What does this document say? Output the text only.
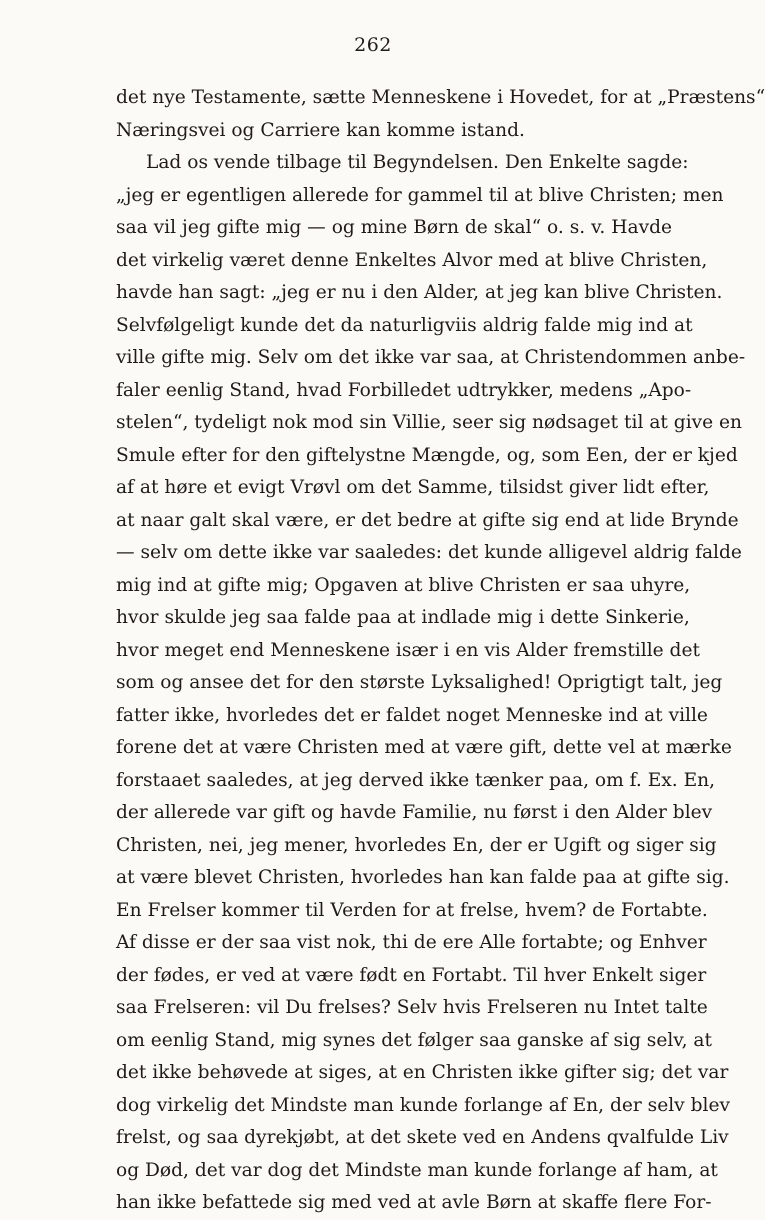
262
det nye Testamente, sætte Menneskene i Hovedet, for at „Præstens“
Næringsvei og Carriere kan komme istand.
Lad os vende tilbage til Begyndelsen. Den Enkelte sagde:
„jeg er egentligen allerede for gammel til at blive Christen; men
saa vil jeg gifte mig — og mine Børn de skal“ o. s. v. Havde
det virkelig været denne Enkeltes Alvor med at blive Christen,
havde han sagt: „jeg er nu i den Alder, at jeg kan blive Christen.
Selvfølgeligt kunde det da naturligviis aldrig falde mig ind at
ville gifte mig. Selv om det ikke var saa, at Christendommen anbe-
faler eenlig Stand, hvad Forbilledet udtrykker, medens „Apo-
stelen“, tydeligt nok mod sin Villie, seer sig nødsaget til at give en
Smule efter for den giftelystne Mængde, og, som Een, der er kjed
af at høre et evigt Vrøvl om det Samme, tilsidst giver lidt efter,
at naar galt skal være, er det bedre at gifte sig end at lide Brynde
— selv om dette ikke var saaledes: det kunde alligevel aldrig falde
mig ind at gifte mig; Opgaven at blive Christen er saa uhyre,
hvor skulde jeg saa falde paa at indlade mig i dette Sinkerie,
hvor meget end Menneskene især i en vis Alder fremstille det
som og ansee det for den største Lyksalighed! Oprigtigt talt, jeg
fatter ikke, hvorledes det er faldet noget Menneske ind at ville
forene det at være Christen med at være gift, dette vel at mærke
forstaaet saaledes, at jeg derved ikke tænker paa, om f. Ex. En,
der allerede var gift og havde Familie, nu først i den Alder blev
Christen, nei, jeg mener, hvorledes En, der er Ugift og siger sig
at være blevet Christen, hvorledes han kan falde paa at gifte sig.
En Frelser kommer til Verden for at frelse, hvem? de Fortabte.
Af disse er der saa vist nok, thi de ere Alle fortabte; og Enhver
der fødes, er ved at være født en Fortabt. Til hver Enkelt siger
saa Frelseren: vil Du frelses? Selv hvis Frelseren nu Intet talte
om eenlig Stand, mig synes det følger saa ganske af sig selv, at
det ikke behøvede at siges, at en Christen ikke gifter sig; det var
dog virkelig det Mindste man kunde forlange af En, der selv blev
frelst, og saa dyrekjøbt, at det skete ved en Andens qvalfulde Liv
og Død, det var dog det Mindste man kunde forlange af ham, at
han ikke befattede sig med ved at avle Børn at skaffe flere For-
